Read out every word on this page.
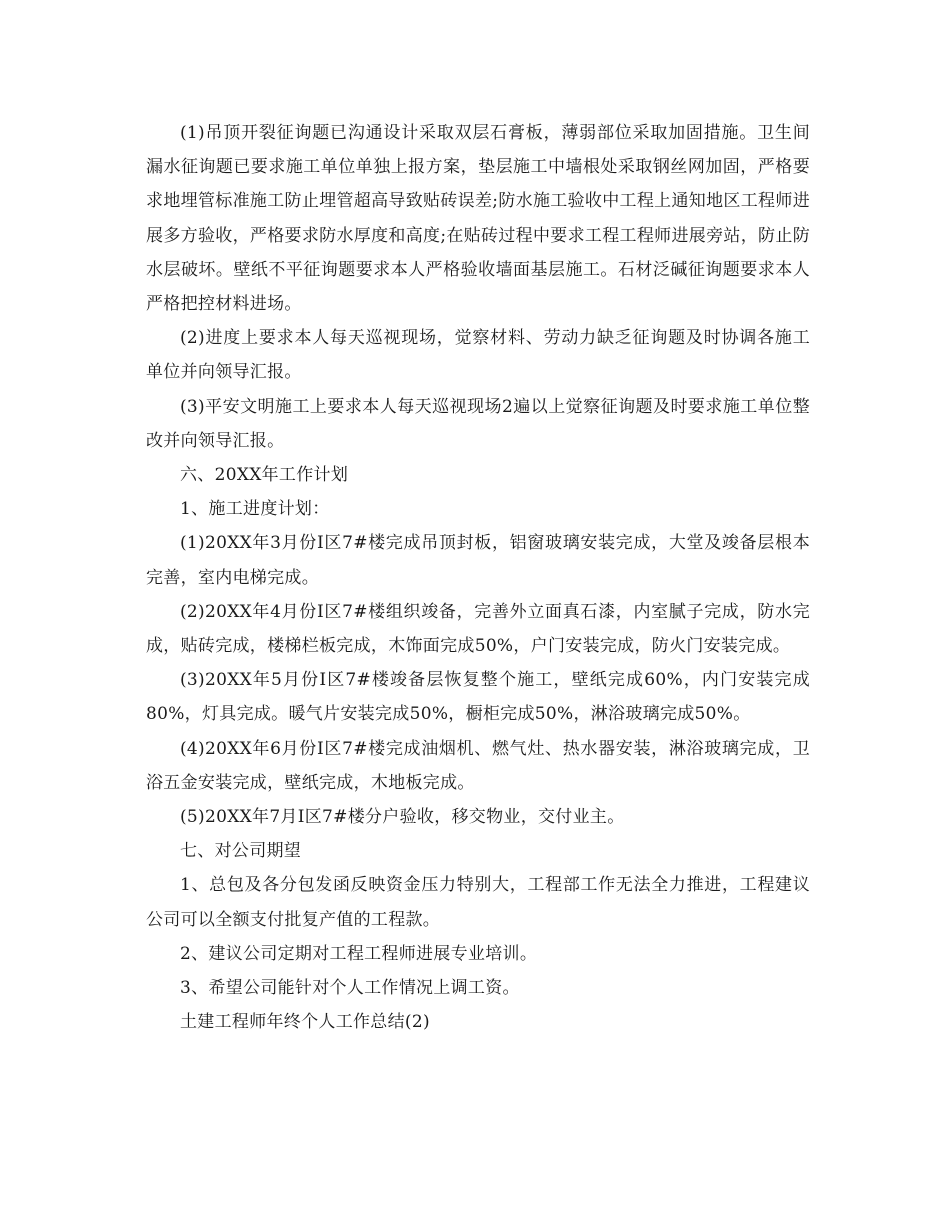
(1)吊顶开裂征询题已沟通设计采取双层石膏板，薄弱部位采取加固措施。卫生间漏水征询题已要求施工单位单独上报方案，垫层施工中墙根处采取钢丝网加固，严格要求地埋管标准施工防止埋管超高导致贴砖误差;防水施工验收中工程上通知地区工程师进展多方验收，严格要求防水厚度和高度;在贴砖过程中要求工程工程师进展旁站，防止防水层破坏。壁纸不平征询题要求本人严格验收墙面基层施工。石材泛碱征询题要求本人严格把控材料进场。

(2)进度上要求本人每天巡视现场，觉察材料、劳动力缺乏征询题及时协调各施工单位并向领导汇报。

(3)平安文明施工上要求本人每天巡视现场2遍以上觉察征询题及时要求施工单位整改并向领导汇报。

六、20XX年工作计划

1、施工进度计划：

(1)20XX年3月份Ⅰ区7#楼完成吊顶封板，铝窗玻璃安装完成，大堂及竣备层根本完善，室内电梯完成。

(2)20XX年4月份Ⅰ区7#楼组织竣备，完善外立面真石漆，内室腻子完成，防水完成，贴砖完成，楼梯栏板完成，木饰面完成50%，户门安装完成，防火门安装完成。

(3)20XX年5月份Ⅰ区7#楼竣备层恢复整个施工，壁纸完成60%，内门安装完成80%，灯具完成。暖气片安装完成50%，橱柜完成50%，淋浴玻璃完成50%。

(4)20XX年6月份Ⅰ区7#楼完成油烟机、燃气灶、热水器安装，淋浴玻璃完成，卫浴五金安装完成，壁纸完成，木地板完成。

(5)20XX年7月Ⅰ区7#楼分户验收，移交物业，交付业主。

七、对公司期望

1、总包及各分包发函反映资金压力特别大，工程部工作无法全力推进，工程建议公司可以全额支付批复产值的工程款。

2、建议公司定期对工程工程师进展专业培训。

3、希望公司能针对个人工作情况上调工资。

土建工程师年终个人工作总结(2)
